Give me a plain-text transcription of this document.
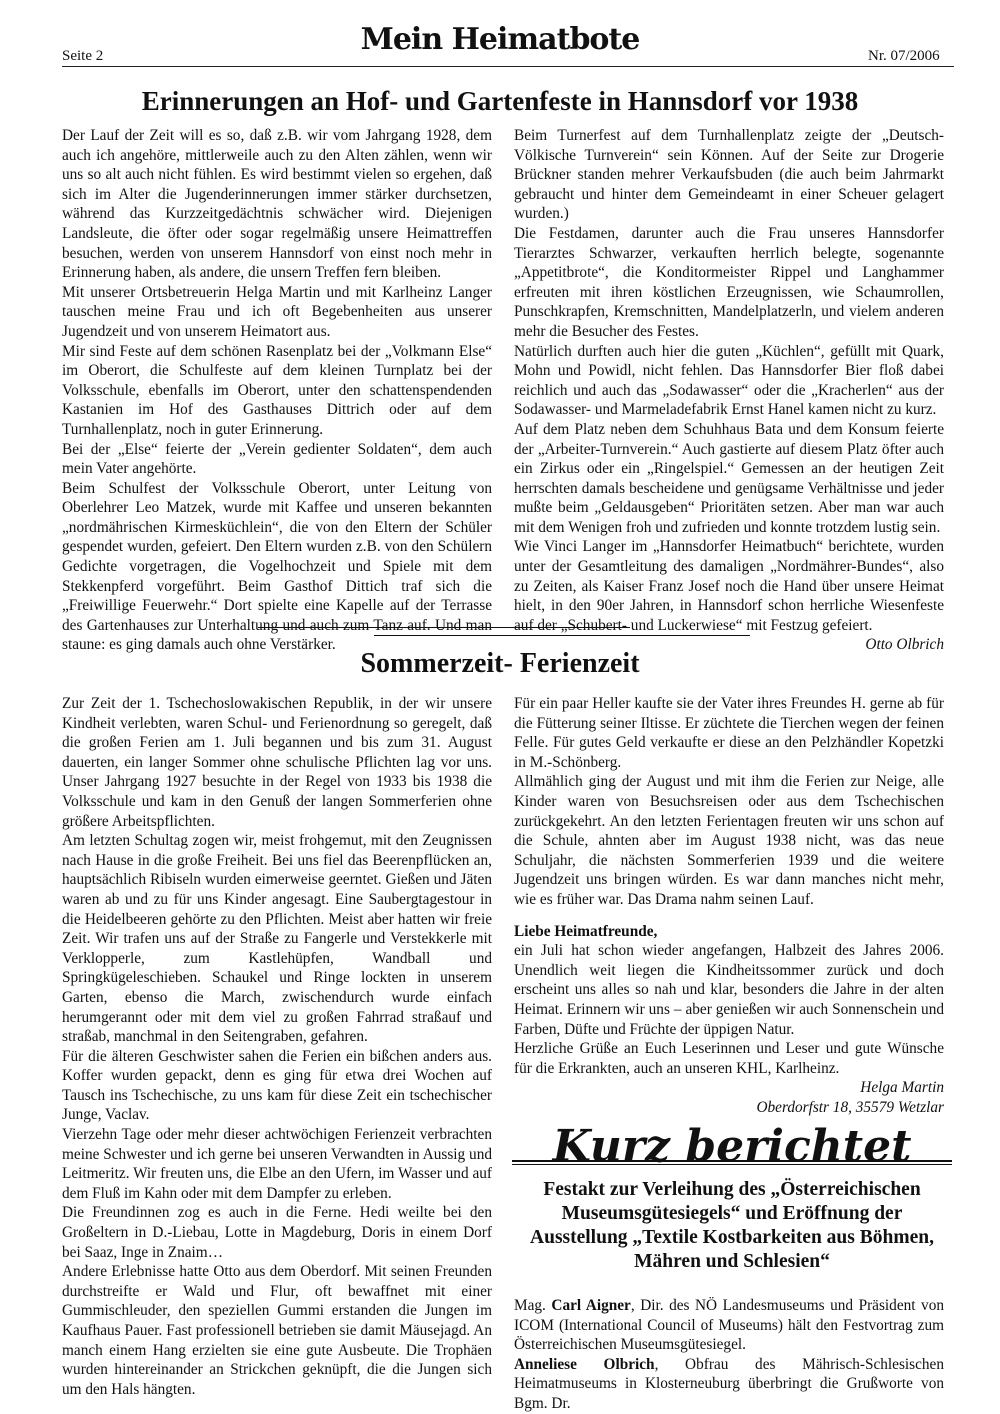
Seite 2	Mein Heimatbote	Nr. 07/2006
Erinnerungen an Hof- und Gartenfeste in Hannsdorf vor 1938

Der Lauf der Zeit will es so, daß z.B. wir vom Jahrgang 1928, dem auch ich angehöre, mittlerweile auch zu den Alten zählen, wenn wir uns so alt auch nicht fühlen. Es wird bestimmt vielen so ergehen, daß sich im Alter die Jugenderinnerungen immer stärker durchsetzen, während das Kurzzeitgedächtnis schwächer wird. Diejenigen Landsleute, die öfter oder sogar regelmäßig unsere Heimattreffen besuchen, werden von unserem Hannsdorf von einst noch mehr in Erinnerung haben, als andere, die unsern Treffen fern bleiben.

Mit unserer Ortsbetreuerin Helga Martin und mit Karlheinz Langer tauschen meine Frau und ich oft Begebenheiten aus unserer Jugendzeit und von unserem Heimatort aus.

Mir sind Feste auf dem schönen Rasenplatz bei der „Volkmann Else“ im Oberort, die Schulfeste auf dem kleinen Turnplatz bei der Volksschule, ebenfalls im Oberort, unter den schattenspendenden Kastanien im Hof des Gasthauses Dittrich oder auf dem Turnhallenplatz, noch in guter Erinnerung.

Bei der „Else“ feierte der „Verein gedienter Soldaten“, dem auch mein Vater angehörte.

Beim Schulfest der Volksschule Oberort, unter Leitung von Oberlehrer Leo Matzek, wurde mit Kaffee und unseren bekannten „nordmährischen Kirmesküchlein“, die von den Eltern der Schüler gespendet wurden, gefeiert. Den Eltern wurden z.B. von den Schülern Gedichte vorgetragen, die Vogelhochzeit und Spiele mit dem Stekkenpferd vorgeführt. Beim Gasthof Dittich traf sich die „Freiwillige Feuerwehr.“ Dort spielte eine Kapelle auf der Terrasse des Gartenhauses zur Unterhaltung und auch zum Tanz auf. Und man staune: es ging damals auch ohne Verstärker.

Beim Turnerfest auf dem Turnhallenplatz zeigte der „Deutsch-Völkische Turnverein“ sein Können. Auf der Seite zur Drogerie Brückner standen mehrer Verkaufsbuden (die auch beim Jahrmarkt gebraucht und hinter dem Gemeindeamt in einer Scheuer gelagert wurden.)

Die Festdamen, darunter auch die Frau unseres Hannsdorfer Tierarztes Schwarzer, verkauften herrlich belegte, sogenannte „Appetitbrote“, die Konditormeister Rippel und Langhammer erfreuten mit ihren köstlichen Erzeugnissen, wie Schaumrollen, Punschkrapfen, Kremschnitten, Mandelplatzerln, und vielem anderen mehr die Besucher des Festes.

Natürlich durften auch hier die guten „Küchlen“, gefüllt mit Quark, Mohn und Powidl, nicht fehlen. Das Hannsdorfer Bier floß dabei reichlich und auch das „Sodawasser“ oder die „Kracherlen“ aus der Sodawasser- und Marmeladefabrik Ernst Hanel kamen nicht zu kurz.

Auf dem Platz neben dem Schuhhaus Bata und dem Konsum feierte der „Arbeiter-Turnverein.“ Auch gastierte auf diesem Platz öfter auch ein Zirkus oder ein „Ringelspiel.“ Gemessen an der heutigen Zeit herrschten damals bescheidene und genügsame Verhältnisse und jeder mußte beim „Geldausgeben“ Prioritäten setzen. Aber man war auch mit dem Wenigen froh und zufrieden und konnte trotzdem lustig sein.

Wie Vinci Langer im „Hannsdorfer Heimatbuch“ berichtete, wurden unter der Gesamtleitung des damaligen „Nordmährer-Bundes“, also zu Zeiten, als Kaiser Franz Josef noch die Hand über unsere Heimat hielt, in den 90er Jahren, in Hannsdorf schon herrliche Wiesenfeste auf der „Schubert- und Luckerwiese“ mit Festzug gefeiert.

Otto Olbrich

Sommerzeit- Ferienzeit

Zur Zeit der 1. Tschechoslowakischen Republik, in der wir unsere Kindheit verlebten, waren Schul- und Ferienordnung so geregelt, daß die großen Ferien am 1. Juli begannen und bis zum 31. August dauerten, ein langer Sommer ohne schulische Pflichten lag vor uns. Unser Jahrgang 1927 besuchte in der Regel von 1933 bis 1938 die Volksschule und kam in den Genuß der langen Sommerferien ohne größere Arbeitspflichten.

Am letzten Schultag zogen wir, meist frohgemut, mit den Zeugnissen nach Hause in die große Freiheit. Bei uns fiel das Beerenpflücken an, hauptsächlich Ribiseln wurden eimerweise geerntet. Gießen und Jäten waren ab und zu für uns Kinder angesagt. Eine Saubergtagestour in die Heidelbeeren gehörte zu den Pflichten. Meist aber hatten wir freie Zeit. Wir trafen uns auf der Straße zu Fangerle und Verstekkerle mit Verklopperle, zum Kastlehüpfen, Wandball und Springkügeleschieben. Schaukel und Ringe lockten in unserem Garten, ebenso die March, zwischendurch wurde einfach herumgerannt oder mit dem viel zu großen Fahrrad straßauf und straßab, manchmal in den Seitengraben, gefahren.

Für die älteren Geschwister sahen die Ferien ein bißchen anders aus. Koffer wurden gepackt, denn es ging für etwa drei Wochen auf Tausch ins Tschechische, zu uns kam für diese Zeit ein tschechischer Junge, Vaclav.

Vierzehn Tage oder mehr dieser achtwöchigen Ferienzeit verbrachten meine Schwester und ich gerne bei unseren Verwandten in Aussig und Leitmeritz. Wir freuten uns, die Elbe an den Ufern, im Wasser und auf dem Fluß im Kahn oder mit dem Dampfer zu erleben.

Die Freundinnen zog es auch in die Ferne. Hedi weilte bei den Großeltern in D.-Liebau, Lotte in Magdeburg, Doris in einem Dorf bei Saaz, Inge in Znaim…

Andere Erlebnisse hatte Otto aus dem Oberdorf. Mit seinen Freunden durchstreifte er Wald und Flur, oft bewaffnet mit einer Gummischleuder, den speziellen Gummi erstanden die Jungen im Kaufhaus Pauer. Fast professionell betrieben sie damit Mäusejagd. An manch einem Hang erzielten sie eine gute Ausbeute. Die Trophäen wurden hintereinander an Strickchen geknüpft, die die Jungen sich um den Hals hängten.

Für ein paar Heller kaufte sie der Vater ihres Freundes H. gerne ab für die Fütterung seiner Iltisse. Er züchtete die Tierchen wegen der feinen Felle. Für gutes Geld verkaufte er diese an den Pelzhändler Kopetzki in M.-Schönberg.

Allmählich ging der August und mit ihm die Ferien zur Neige, alle Kinder waren von Besuchsreisen oder aus dem Tschechischen zurückgekehrt. An den letzten Ferientagen freuten wir uns schon auf die Schule, ahnten aber im August 1938 nicht, was das neue Schuljahr, die nächsten Sommerferien 1939 und die weitere Jugendzeit uns bringen würden. Es war dann manches nicht mehr, wie es früher war. Das Drama nahm seinen Lauf.

Liebe Heimatfreunde,

ein Juli hat schon wieder angefangen, Halbzeit des Jahres 2006. Unendlich weit liegen die Kindheitssommer zurück und doch erscheint uns alles so nah und klar, besonders die Jahre in der alten Heimat. Erinnern wir uns – aber genießen wir auch Sonnenschein und Farben, Düfte und Früchte der üppigen Natur.

Herzliche Grüße an Euch Leserinnen und Leser und gute Wünsche für die Erkrankten, auch an unseren KHL, Karlheinz.

Helga Martin

Oberdorfstr 18, 35579 Wetzlar

Kurz berichtet
Festakt zur Verleihung des „Österreichischen Museumsgütesiegels“ und Eröffnung der Ausstellung „Textile Kostbarkeiten aus Böhmen, Mähren und Schlesien“

Mag. Carl Aigner, Dir. des NÖ Landesmuseums und Präsident von ICOM (International Council of Museums) hält den Festvortrag zum Österreichischen Museumsgütesiegel.

Anneliese Olbrich, Obfrau des Mährisch-Schlesischen Heimatmuseums in Klosterneuburg überbringt die Grußworte von Bgm. Dr.
